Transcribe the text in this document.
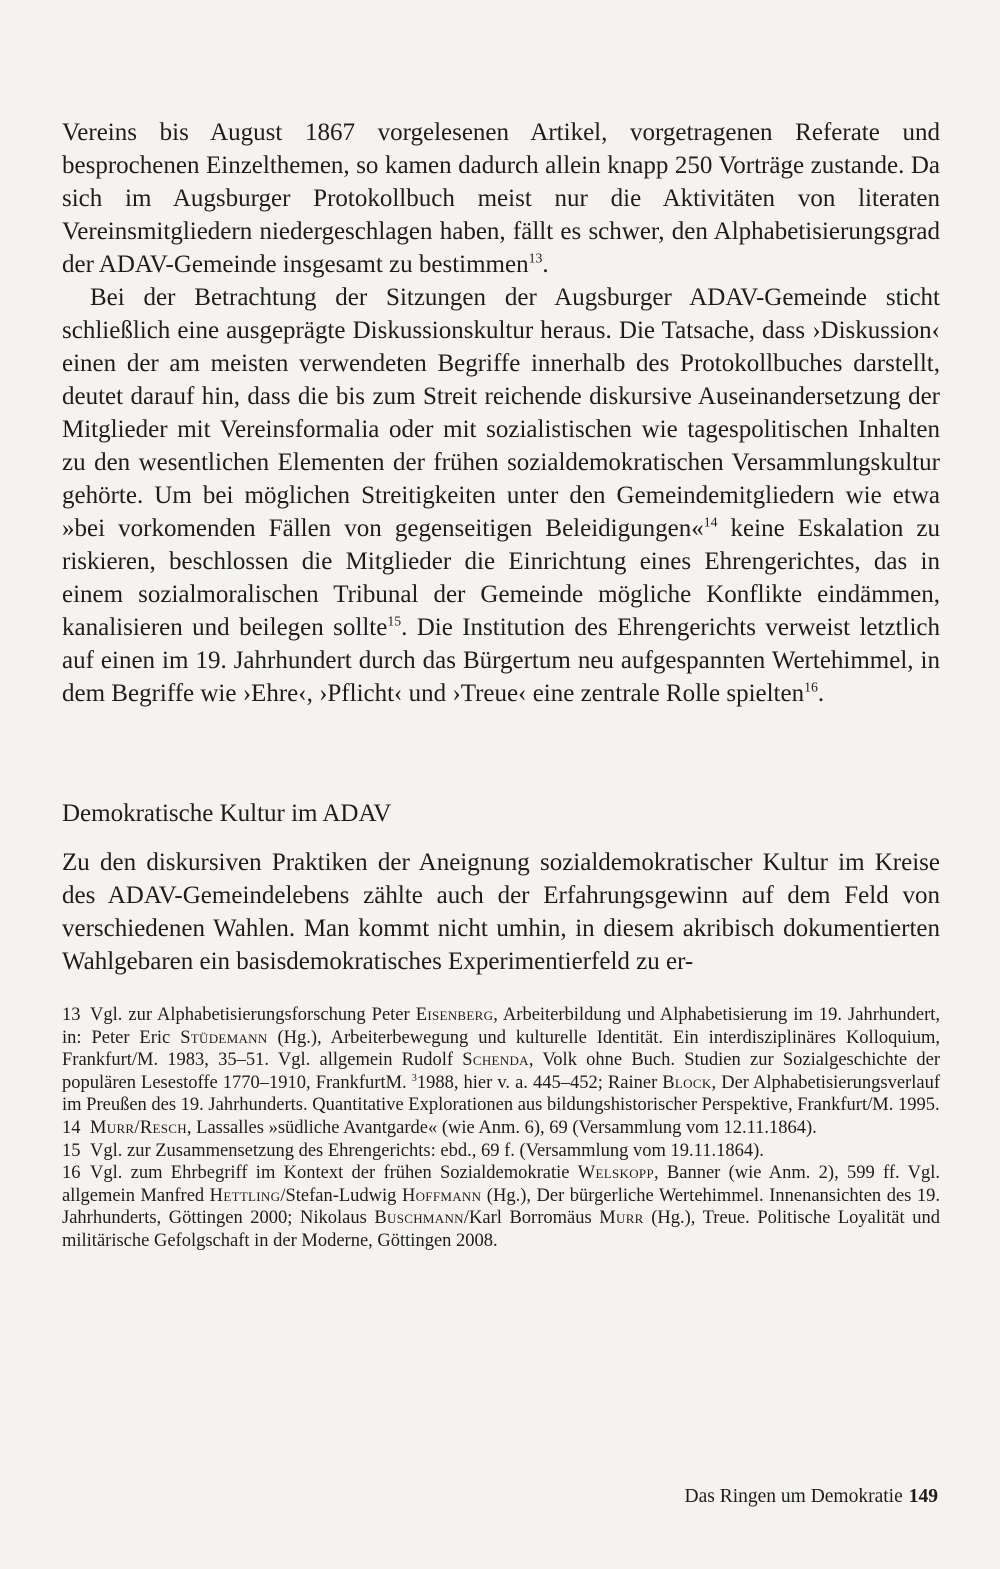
Vereins bis August 1867 vorgelesenen Artikel, vorgetragenen Referate und besprochenen Einzelthemen, so kamen dadurch allein knapp 250 Vorträge zustande. Da sich im Augsburger Protokollbuch meist nur die Aktivitäten von literaten Vereinsmitgliedern niedergeschlagen haben, fällt es schwer, den Alphabetisierungsgrad der ADAV-Gemeinde insgesamt zu bestimmen$^{13}$.

Bei der Betrachtung der Sitzungen der Augsburger ADAV-Gemeinde sticht schließlich eine ausgeprägte Diskussionskultur heraus. Die Tatsache, dass ›Diskussion‹ einen der am meisten verwendeten Begriffe innerhalb des Protokollbuches darstellt, deutet darauf hin, dass die bis zum Streit reichende diskursive Auseinandersetzung der Mitglieder mit Vereinsformalia oder mit sozialistischen wie tagespolitischen Inhalten zu den wesentlichen Elementen der frühen sozialdemokratischen Versammlungskultur gehörte. Um bei möglichen Streitigkeiten unter den Gemeindemitgliedern wie etwa »bei vorkomenden Fällen von gegenseitigen Beleidigungen«$^{14}$ keine Eskalation zu riskieren, beschlossen die Mitglieder die Einrichtung eines Ehrengerichtes, das in einem sozialmoralischen Tribunal der Gemeinde mögliche Konflikte eindämmen, kanalisieren und beilegen sollte$^{15}$. Die Institution des Ehrengerichts verweist letztlich auf einen im 19. Jahrhundert durch das Bürgertum neu aufgespannten Wertehimmel, in dem Begriffe wie ›Ehre‹, ›Pflicht‹ und ›Treue‹ eine zentrale Rolle spielten$^{16}$.

Demokratische Kultur im ADAV

Zu den diskursiven Praktiken der Aneignung sozialdemokratischer Kultur im Kreise des ADAV-Gemeindelebens zählte auch der Erfahrungsgewinn auf dem Feld von verschiedenen Wahlen. Man kommt nicht umhin, in diesem akribisch dokumentierten Wahlgebaren ein basisdemokratisches Experimentierfeld zu er-

13 Vgl. zur Alphabetisierungsforschung Peter Eisenberg, Arbeiterbildung und Alphabetisierung im 19. Jahrhundert, in: Peter Eric Stüdemann (Hg.), Arbeiterbewegung und kulturelle Identität. Ein interdisziplinäres Kolloquium, Frankfurt/M. 1983, 35–51. Vgl. allgemein Rudolf Schenda, Volk ohne Buch. Studien zur Sozialgeschichte der populären Lesestoffe 1770–1910, FrankfurtM. $^3$1988, hier v. a. 445–452; Rainer Block, Der Alphabetisierungsverlauf im Preußen des 19. Jahrhunderts. Quantitative Explorationen aus bildungshistorischer Perspektive, Frankfurt/M. 1995.

14 Murr/Resch, Lassalles »südliche Avantgarde« (wie Anm. 6), 69 (Versammlung vom 12.11.1864).

15 Vgl. zur Zusammensetzung des Ehrengerichts: ebd., 69 f. (Versammlung vom 19.11.1864).

16 Vgl. zum Ehrbegriff im Kontext der frühen Sozialdemokratie Welskopp, Banner (wie Anm. 2), 599 ff. Vgl. allgemein Manfred Hettling/Stefan-Ludwig Hoffmann (Hg.), Der bürgerliche Wertehimmel. Innenansichten des 19. Jahrhunderts, Göttingen 2000; Nikolaus Buschmann/Karl Borromäus Murr (Hg.), Treue. Politische Loyalität und militärische Gefolgschaft in der Moderne, Göttingen 2008.

Das Ringen um Demokratie 149
